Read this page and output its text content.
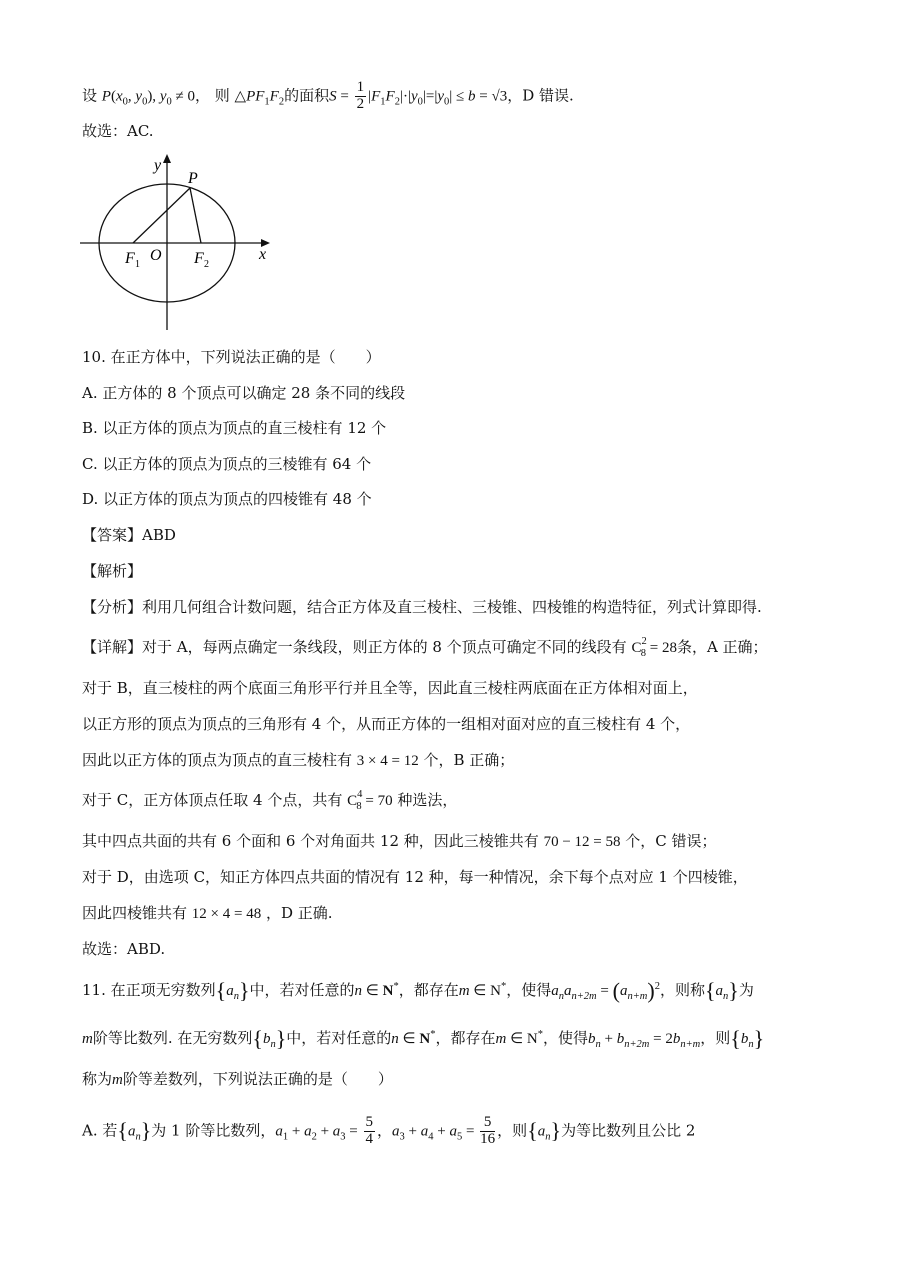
设 $P(x_0$, $y_0$), $y_0 \ne 0$， 则 $\triangle PF_1F_2$的面积$S = \frac{1}{2} |F_1F_2|\cdot|y_0|=|y_0| \le b = √3$，D 错误.
故选：AC.
y
x
P
O
F 1	F 2
10. 在正方体中，下列说法正确的是（　　）
A. 正方体的 8 个顶点可以确定 28 条不同的线段
B. 以正方体的顶点为顶点的直三棱柱有 12 个
C. 以正方体的顶点为顶点的三棱锥有 64 个
D. 以正方体的顶点为顶点的四棱锥有 48 个
【答案】ABD
【解析】
【分析】利用几何组合计数问题，结合正方体及直三棱柱、三棱锥、四棱锥的构造特征，列式计算即得.
【详解】对于 A，每两点确定一条线段，则正方体的 8 个顶点可确定不同的线段有 $C^2_8 = 28$条，A 正确；
对于 B，直三棱柱的两个底面三角形平行并且全等，因此直三棱柱两底面在正方体相对面上，
以正方形的顶点为顶点的三角形有 4 个，从而正方体的一组相对面对应的直三棱柱有 4 个，
因此以正方体的顶点为顶点的直三棱柱有 3 × 4 = 12 个，B 正确；
对于 C，正方体顶点任取 4 个点，共有 $C^4_8 = 70$ 种选法，
其中四点共面的共有 6 个面和 6 个对角面共 12 种，因此三棱锥共有 70 − 12 = 58 个，C 错误；
对于 D，由选项 C，知正方体四点共面的情况有 12 种，每一种情况，余下每个点对应 1 个四棱锥，
因此四棱锥共有 12 × 4 = 48 ，D 正确.
故选：ABD.
11. 在正项无穷数列$\{a_n\}$中，若对任意的n ∈ N*，都存在m ∈ N*，使得$a_na_{n+2m} = (a_{n+m})^2$，则称$\{a_n\}$为
m阶等比数列. 在无穷数列$\{b_n\}$中，若对任意的n ∈ N*，都存在m ∈ N*，使得$b_n + b_{n+2m} = 2b_{n+m}$，则$\{b_n\}$
称为m阶等差数列，下列说法正确的是（　　）
A. 若$\{a_n\}$为 1 阶等比数列，$a_1 + a_2 + a_3 = \frac{5}{4}$ ，$a_3 + a_4 + a_5 = \frac{5}{16}$ ，则$\{a_n\}$为等比数列且公比 2
